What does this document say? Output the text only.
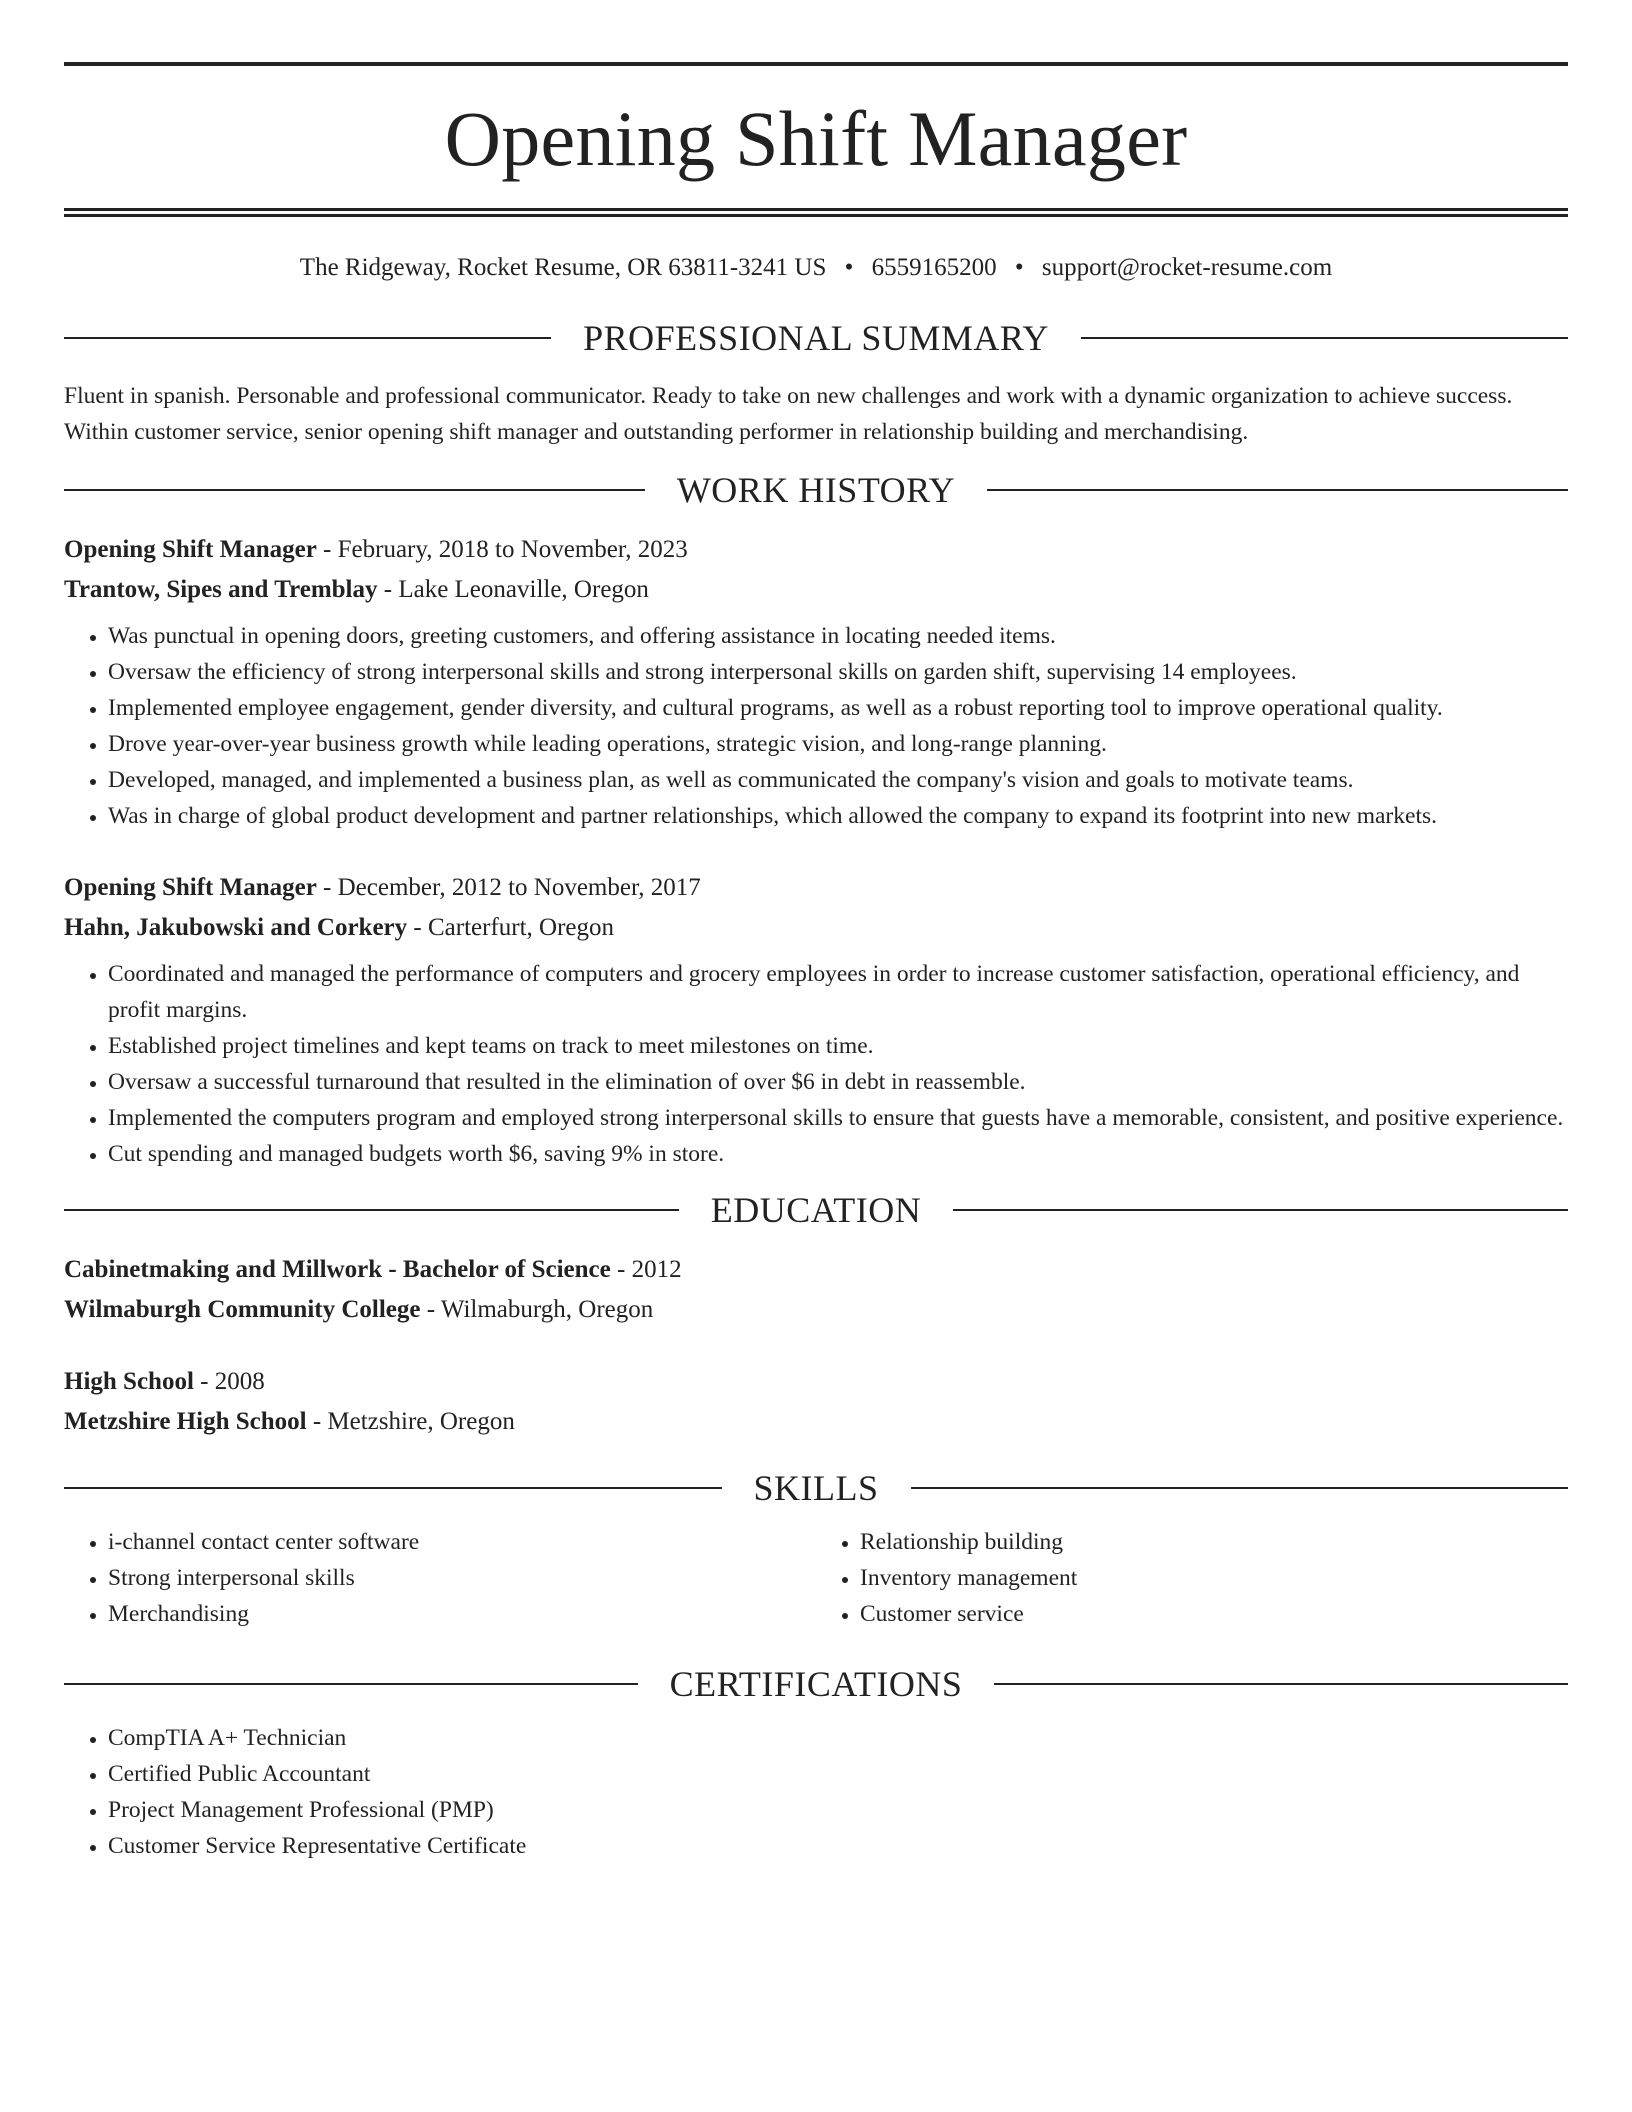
Opening Shift Manager
The Ridgeway, Rocket Resume, OR 63811-3241 US • 6559165200 • support@rocket-resume.com
PROFESSIONAL SUMMARY
Fluent in spanish. Personable and professional communicator. Ready to take on new challenges and work with a dynamic organization to achieve success. Within customer service, senior opening shift manager and outstanding performer in relationship building and merchandising.
WORK HISTORY
Opening Shift Manager - February, 2018 to November, 2023
Trantow, Sipes and Tremblay - Lake Leonaville, Oregon
• Was punctual in opening doors, greeting customers, and offering assistance in locating needed items.
• Oversaw the efficiency of strong interpersonal skills and strong interpersonal skills on garden shift, supervising 14 employees.
• Implemented employee engagement, gender diversity, and cultural programs, as well as a robust reporting tool to improve operational quality.
• Drove year-over-year business growth while leading operations, strategic vision, and long-range planning.
• Developed, managed, and implemented a business plan, as well as communicated the company's vision and goals to motivate teams.
• Was in charge of global product development and partner relationships, which allowed the company to expand its footprint into new markets.
Opening Shift Manager - December, 2012 to November, 2017
Hahn, Jakubowski and Corkery - Carterfurt, Oregon
• Coordinated and managed the performance of computers and grocery employees in order to increase customer satisfaction, operational efficiency, and profit margins.
• Established project timelines and kept teams on track to meet milestones on time.
• Oversaw a successful turnaround that resulted in the elimination of over $6 in debt in reassemble.
• Implemented the computers program and employed strong interpersonal skills to ensure that guests have a memorable, consistent, and positive experience.
• Cut spending and managed budgets worth $6, saving 9% in store.
EDUCATION
Cabinetmaking and Millwork - Bachelor of Science - 2012
Wilmaburgh Community College - Wilmaburgh, Oregon
High School - 2008
Metzshire High School - Metzshire, Oregon
SKILLS
• i-channel contact center software
• Strong interpersonal skills
• Merchandising
• Relationship building
• Inventory management
• Customer service
CERTIFICATIONS
• CompTIA A+ Technician
• Certified Public Accountant
• Project Management Professional (PMP)
• Customer Service Representative Certificate
